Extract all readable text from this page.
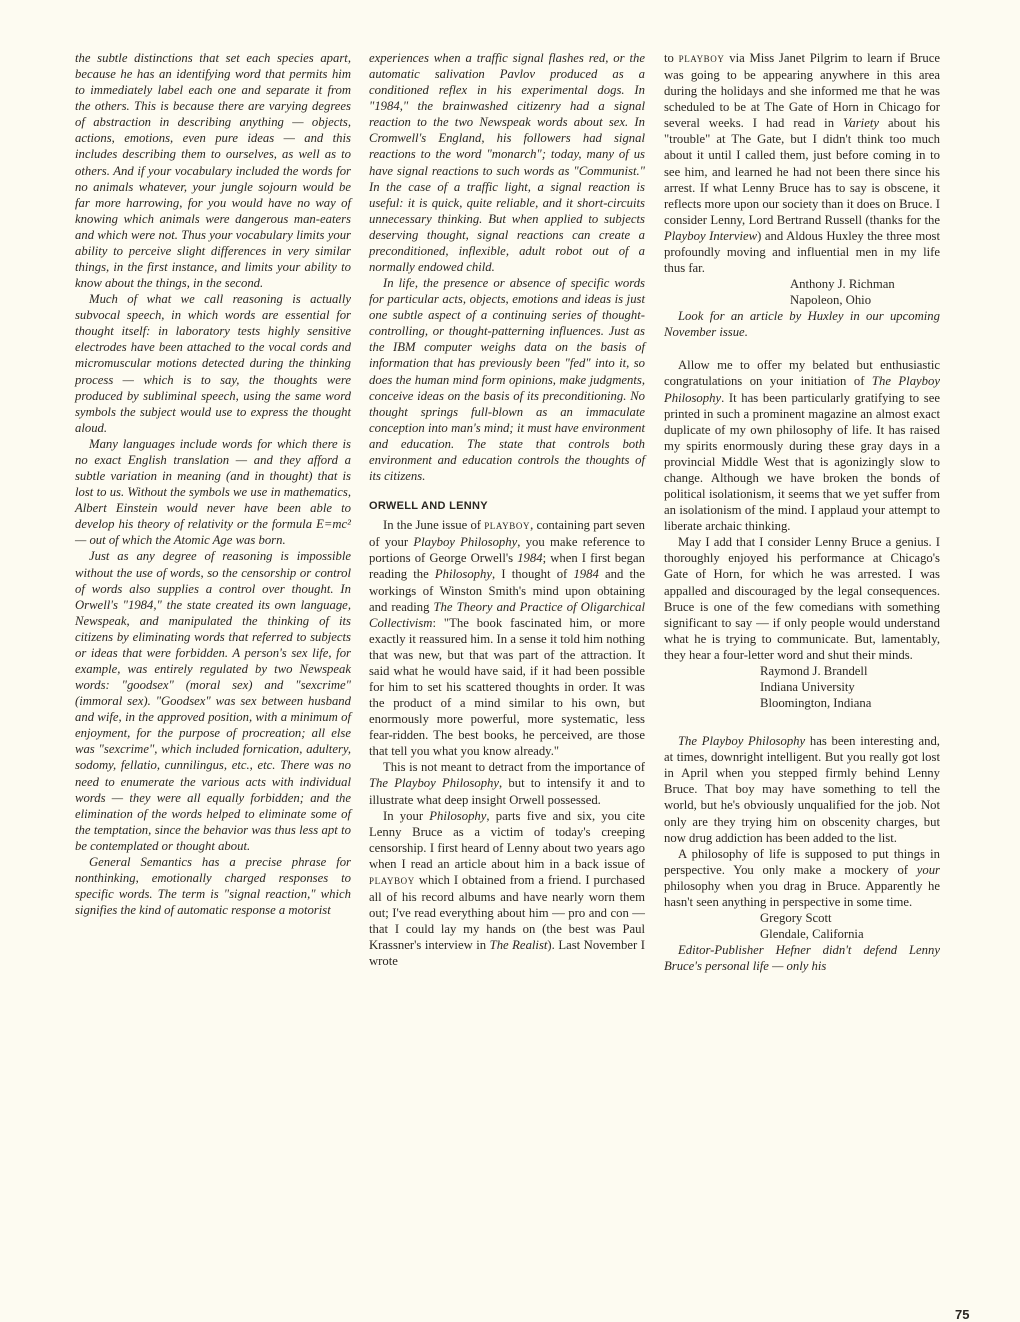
the subtle distinctions that set each species apart, because he has an identifying word that permits him to immediately label each one and separate it from the others. This is because there are varying degrees of abstraction in describing anything — objects, actions, emotions, even pure ideas — and this includes describing them to ourselves, as well as to others. And if your vocabulary included the words for no animals whatever, your jungle sojourn would be far more harrowing, for you would have no way of knowing which animals were dangerous man-eaters and which were not. Thus your vocabulary limits your ability to perceive slight differences in very similar things, in the first instance, and limits your ability to know about the things, in the second.

Much of what we call reasoning is actually subvocal speech, in which words are essential for thought itself: in laboratory tests highly sensitive electrodes have been attached to the vocal cords and micromuscular motions detected during the thinking process — which is to say, the thoughts were produced by subliminal speech, using the same word symbols the subject would use to express the thought aloud.

Many languages include words for which there is no exact English translation — and they afford a subtle variation in meaning (and in thought) that is lost to us. Without the symbols we use in mathematics, Albert Einstein would never have been able to develop his theory of relativity or the formula E=mc² — out of which the Atomic Age was born.

Just as any degree of reasoning is impossible without the use of words, so the censorship or control of words also supplies a control over thought. In Orwell's "1984," the state created its own language, Newspeak, and manipulated the thinking of its citizens by eliminating words that referred to subjects or ideas that were forbidden. A person's sex life, for example, was entirely regulated by two Newspeak words: "goodsex" (moral sex) and "sexcrime" (immoral sex). "Goodsex" was sex between husband and wife, in the approved position, with a minimum of enjoyment, for the purpose of procreation; all else was "sexcrime", which included fornication, adultery, sodomy, fellatio, cunnilingus, etc., etc. There was no need to enumerate the various acts with individual words — they were all equally forbidden; and the elimination of the words helped to eliminate some of the temptation, since the behavior was thus less apt to be contemplated or thought about.

General Semantics has a precise phrase for nonthinking, emotionally charged responses to specific words. The term is "signal reaction," which signifies the kind of automatic response a motorist

experiences when a traffic signal flashes red, or the automatic salivation Pavlov produced as a conditioned reflex in his experimental dogs. In "1984," the brainwashed citizenry had a signal reaction to the two Newspeak words about sex. In Cromwell's England, his followers had signal reactions to the word "monarch"; today, many of us have signal reactions to such words as "Communist." In the case of a traffic light, a signal reaction is useful: it is quick, quite reliable, and it short-circuits unnecessary thinking. But when applied to subjects deserving thought, signal reactions can create a preconditioned, inflexible, adult robot out of a normally endowed child.

In life, the presence or absence of specific words for particular acts, objects, emotions and ideas is just one subtle aspect of a continuing series of thought-controlling, or thought-patterning influences. Just as the IBM computer weighs data on the basis of information that has previously been "fed" into it, so does the human mind form opinions, make judgments, conceive ideas on the basis of its preconditioning. No thought springs full-blown as an immaculate conception into man's mind; it must have environment and education. The state that controls both environment and education controls the thoughts of its citizens.

ORWELL AND LENNY

In the June issue of PLAYBOY, containing part seven of your Playboy Philosophy, you make reference to portions of George Orwell's 1984; when I first began reading the Philosophy, I thought of 1984 and the workings of Winston Smith's mind upon obtaining and reading The Theory and Practice of Oligarchical Collectivism: "The book fascinated him, or more exactly it reassured him. In a sense it told him nothing that was new, but that was part of the attraction. It said what he would have said, if it had been possible for him to set his scattered thoughts in order. It was the product of a mind similar to his own, but enormously more powerful, more systematic, less fear-ridden. The best books, he perceived, are those that tell you what you know already."

This is not meant to detract from the importance of The Playboy Philosophy, but to intensify it and to illustrate what deep insight Orwell possessed.

In your Philosophy, parts five and six, you cite Lenny Bruce as a victim of today's creeping censorship. I first heard of Lenny about two years ago when I read an article about him in a back issue of PLAYBOY which I obtained from a friend. I purchased all of his record albums and have nearly worn them out; I've read everything about him — pro and con — that I could lay my hands on (the best was Paul Krassner's interview in The Realist). Last November I wrote

to PLAYBOY via Miss Janet Pilgrim to learn if Bruce was going to be appearing anywhere in this area during the holidays and she informed me that he was scheduled to be at The Gate of Horn in Chicago for several weeks. I had read in Variety about his "trouble" at The Gate, but I didn't think too much about it until I called them, just before coming in to see him, and learned he had not been there since his arrest. If what Lenny Bruce has to say is obscene, it reflects more upon our society than it does on Bruce. I consider Lenny, Lord Bertrand Russell (thanks for the Playboy Interview) and Aldous Huxley the three most profoundly moving and influential men in my life thus far.

Anthony J. Richman

Napoleon, Ohio

Look for an article by Huxley in our upcoming November issue.

Allow me to offer my belated but enthusiastic congratulations on your initiation of The Playboy Philosophy. It has been particularly gratifying to see printed in such a prominent magazine an almost exact duplicate of my own philosophy of life. It has raised my spirits enormously during these gray days in a provincial Middle West that is agonizingly slow to change. Although we have broken the bonds of political isolationism, it seems that we yet suffer from an isolationism of the mind. I applaud your attempt to liberate archaic thinking.

May I add that I consider Lenny Bruce a genius. I thoroughly enjoyed his performance at Chicago's Gate of Horn, for which he was arrested. I was appalled and discouraged by the legal consequences. Bruce is one of the few comedians with something significant to say — if only people would understand what he is trying to communicate. But, lamentably, they hear a four-letter word and shut their minds.

Raymond J. Brandell

Indiana University

Bloomington, Indiana

The Playboy Philosophy has been interesting and, at times, downright intelligent. But you really got lost in April when you stepped firmly behind Lenny Bruce. That boy may have something to tell the world, but he's obviously unqualified for the job. Not only are they trying him on obscenity charges, but now drug addiction has been added to the list.

A philosophy of life is supposed to put things in perspective. You only make a mockery of your philosophy when you drag in Bruce. Apparently he hasn't seen anything in perspective in some time.

Gregory Scott

Glendale, California

Editor-Publisher Hefner didn't defend Lenny Bruce's personal life — only his

75
